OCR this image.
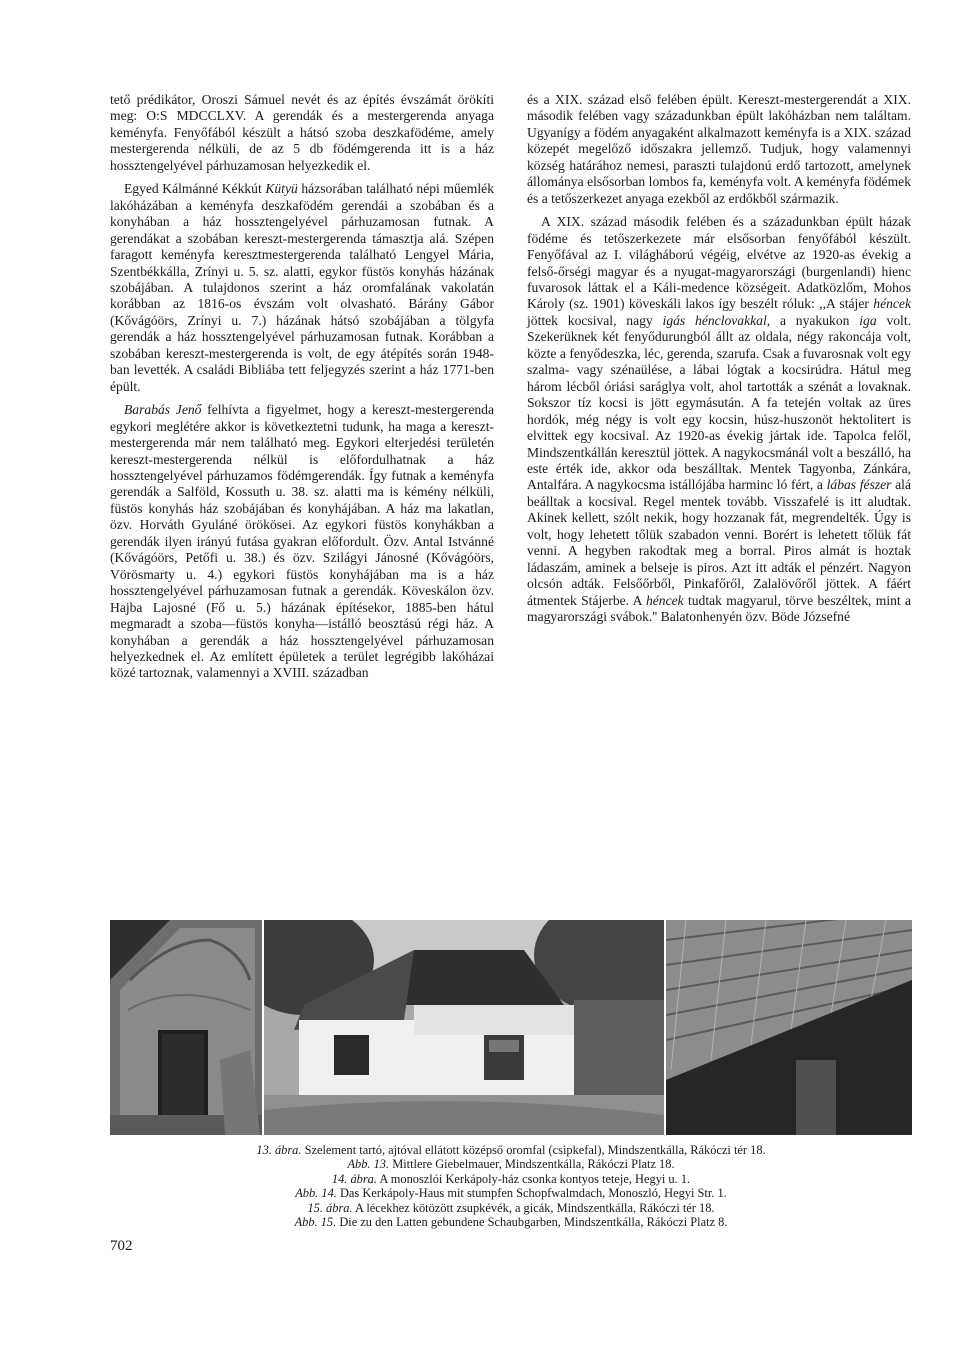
tető prédikátor, Oroszi Sámuel nevét és az építés évszámát örökíti meg: O:S MDCCLXV. A gerendák és a mestergerenda anyaga keményfa. Fenyőfából készült a hátsó szoba deszkafödéme, amely mestergerenda nélküli, de az 5 db födémgerenda itt is a ház hossztengelyével párhuzamosan helyezkedik el.

Egyed Kálmánné Kékkút Kütyü házsorában található népi műemlék lakóházában a keményfa deszkafödém gerendái a szobában és a konyhában a ház hossztengelyével párhuzamosan futnak. A gerendákat a szobában kereszt-mestergerenda támasztja alá. Szépen faragott keményfa keresztmestergerenda található Lengyel Mária, Szentbékkálla, Zrínyi u. 5. sz. alatti, egykor füstös konyhás házának szobájában. A tulajdonos szerint a ház oromfalának vakolatán korábban az 1816-os évszám volt olvasható. Bárány Gábor (Kővágóörs, Zrínyi u. 7.) házának hátsó szobájában a tölgyfa gerendák a ház hossztengelyével párhuzamosan futnak. Korábban a szobában kereszt-mestergerenda is volt, de egy átépítés során 1948-ban levették. A családi Bibliába tett feljegyzés szerint a ház 1771-ben épült.

Barabás Jenő felhívta a figyelmet, hogy a kereszt-mestergerenda egykori meglétére akkor is következtetni tudunk, ha maga a kereszt-mestergerenda már nem található meg. Egykori elterjedési területén kereszt-mestergerenda nélkül is előfordulhatnak a ház hossztengelyével párhuzamos födémgerendák. Így futnak a keményfa gerendák a Salföld, Kossuth u. 38. sz. alatti ma is kémény nélküli, füstös konyhás ház szobájában és konyhájában. A ház ma lakatlan, özv. Horváth Gyuláné örökösei. Az egykori füstös konyhákban a gerendák ilyen irányú futása gyakran előfordult. Özv. Antal Istvánné (Kővágóörs, Petőfi u. 38.) és özv. Szilágyi Jánosné (Kővágóörs, Vörösmarty u. 4.) egykori füstös konyhájában ma is a ház hossztengelyével párhuzamosan futnak a gerendák. Köveskálon özv. Hajba Lajosné (Fő u. 5.) házának építésekor, 1885-ben hátul megmaradt a szoba—füstös konyha—istálló beosztású régi ház. A konyhában a gerendák a ház hossztengelyével párhuzamosan helyezkednek el. Az említett épületek a terület legrégibb lakóházai közé tartoznak, valamennyi a XVIII. században

és a XIX. század első felében épült. Kereszt-mestergerendát a XIX. második felében vagy századunkban épült lakóházban nem találtam. Ugyanígy a födém anyagaként alkalmazott keményfa is a XIX. század közepét megelőző időszakra jellemző. Tudjuk, hogy valamennyi község határához nemesi, paraszti tulajdonú erdő tartozott, amelynek állománya elsősorban lombos fa, keményfa volt. A keményfa födémek és a tetőszerkezet anyaga ezekből az erdőkből származik.

A XIX. század második felében és a századunkban épült házak födéme és tetőszerkezete már elsősorban fenyőfából készült. Fenyőfával az I. világháború végéig, elvétve az 1920-as évekig a felső-őrségi magyar és a nyugat-magyarországi (burgenlandi) hienc fuvarosok láttak el a Káli-medence községeit. Adatközlőm, Mohos Károly (sz. 1901) köveskáli lakos így beszélt róluk: ,,A stájer héncek jöttek kocsival, nagy igás hénclovakkal, a nyakukon iga volt. Szekerüknek két fenyődurungból állt az oldala, négy rakoncája volt, közte a fenyődeszka, léc, gerenda, szarufa. Csak a fuvarosnak volt egy szalma- vagy szénaülése, a lábai lógtak a kocsirúdra. Hátul meg három lécből óriási saráglya volt, ahol tartották a szénát a lovaknak. Sokszor tíz kocsi is jött egymásután. A fa tetején voltak az üres hordók, még négy is volt egy kocsin, húsz-huszonöt hektolitert is elvittek egy kocsival. Az 1920-as évekig jártak ide. Tapolca felől, Mindszentkállán keresztül jöttek. A nagykocsmánál volt a beszálló, ha este érték ide, akkor oda beszálltak. Mentek Tagyonba, Zánkára, Antalfára. A nagykocsma istállójába harminc ló fért, a lábas fészer alá beálltak a kocsival. Regel mentek tovább. Visszafelé is itt aludtak. Akinek kellett, szólt nekik, hogy hozzanak fát, megrendelték. Úgy is volt, hogy lehetett tőlük szabadon venni. Borért is lehetett tőlük fát venni. A hegyben rakodtak meg a borral. Piros almát is hoztak ládaszám, aminek a belseje is piros. Azt itt adták el pénzért. Nagyon olcsón adták. Felsőőrből, Pinkafőről, Zalalövőről jöttek. A fáért átmentek Stájerbe. A héncek tudtak magyarul, törve beszéltek, mint a magyarországi svábok.'' Balatonhenyén özv. Böde Józsefné

13. ábra. Szelement tartó, ajtóval ellátott középső oromfal (csipkefal), Mindszentkálla, Rákóczi tér 18.
Abb. 13. Mittlere Giebelmauer, Mindszentkálla, Rákóczi Platz 18.
14. ábra. A monoszlói Kerkápoly-ház csonka kontyos teteje, Hegyi u. 1.
Abb. 14. Das Kerkápoly-Haus mit stumpfen Schopfwalmdach, Monoszló, Hegyi Str. 1.
15. ábra. A lécekhez kötözött zsupkévék, a gicák, Mindszentkálla, Rákóczi tér 18.
Abb. 15. Die zu den Latten gebundene Schaubgarben, Mindszentkálla, Rákóczi Platz 8.
702
